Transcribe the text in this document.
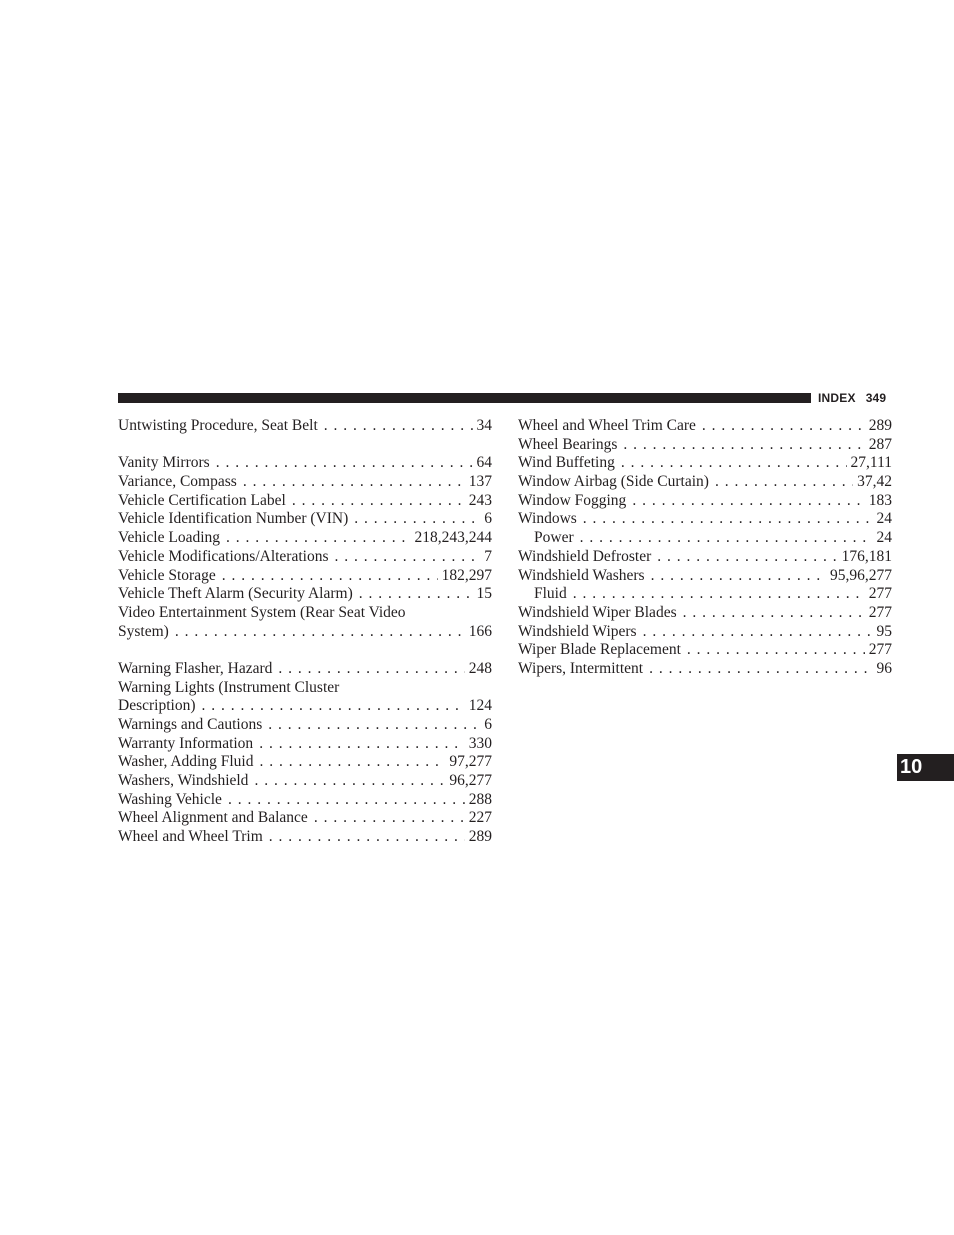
INDEX 349
Untwisting Procedure, Seat Belt . . .	34
Vanity Mirrors . . .	64
Variance, Compass . . .	137
Vehicle Certification Label . . .	243
Vehicle Identification Number (VIN) . . .	6
Vehicle Loading . . .	218,243,244
Vehicle Modifications/Alterations . . .	7
Vehicle Storage . . .	182,297
Vehicle Theft Alarm (Security Alarm) . . .	15
Video Entertainment System (Rear Seat Video
System) . . .	166
Warning Flasher, Hazard . . .	248
Warning Lights (Instrument Cluster
Description) . . .	124
Warnings and Cautions . . .	6
Warranty Information . . .	330
Washer, Adding Fluid . . .	97,277
Washers, Windshield . . .	96,277
Washing Vehicle . . .	288
Wheel Alignment and Balance . . .	227
Wheel and Wheel Trim . . .	289
Wheel and Wheel Trim Care . . .	289
Wheel Bearings . . .	287
Wind Buffeting . . .	27,111
Window Airbag (Side Curtain) . . .	37,42
Window Fogging . . .	183
Windows . . .	24
Power . . .	24
Windshield Defroster . . .	176,181
Windshield Washers . . .	95,96,277
Fluid . . .	277
Windshield Wiper Blades . . .	277
Windshield Wipers . . .	95
Wiper Blade Replacement . . .	277
Wipers, Intermittent . . .	96
10
